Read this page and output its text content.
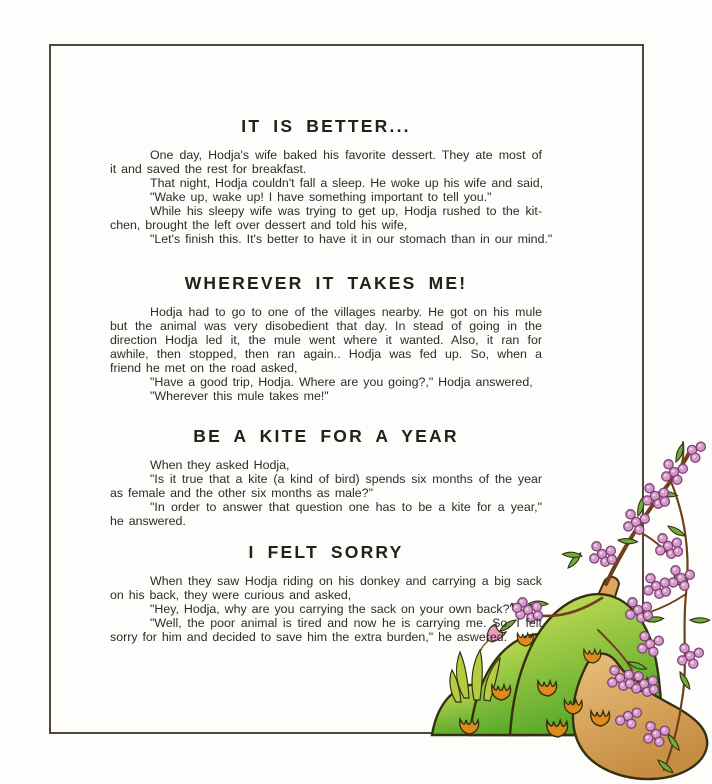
IT IS BETTER...

One day, Hodja's wife baked his favorite dessert. They ate most of
it and saved the rest for breakfast.

That night, Hodja couldn't fall a sleep. He woke up his wife and said,

"Wake up, wake up! I have something important to tell you."

While his sleepy wife was trying to get up, Hodja rushed to the kit-
chen, brought the left over dessert and told his wife,

"Let's finish this. It's better to have it in our stomach than in our mind."

WHEREVER IT TAKES ME!

Hodja had to go to one of the villages nearby. He got on his mule
but the animal was very disobedient that day. In stead of going in the
direction Hodja led it, the mule went where it wanted. Also, it ran for
awhile, then stopped, then ran again.. Hodja was fed up. So, when a
friend he met on the road asked,

"Have a good trip, Hodja. Where are you going?," Hodja answered,

"Wherever this mule takes me!"

BE A KITE FOR A YEAR

When they asked Hodja,

"Is it true that a kite (a kind of bird) spends six months of the year
as female and the other six months as male?"

"In order to answer that question one has to be a kite for a year,"
he answered.

I FELT SORRY

When they saw Hodja riding on his donkey and carrying a big sack
on his back, they were curious and asked,

"Hey, Hodja, why are you carrying the sack on your own back?"

"Well, the poor animal is tired and now he is carrying me. So, I felt
sorry for him and decided to save him the extra burden," he aswered.
